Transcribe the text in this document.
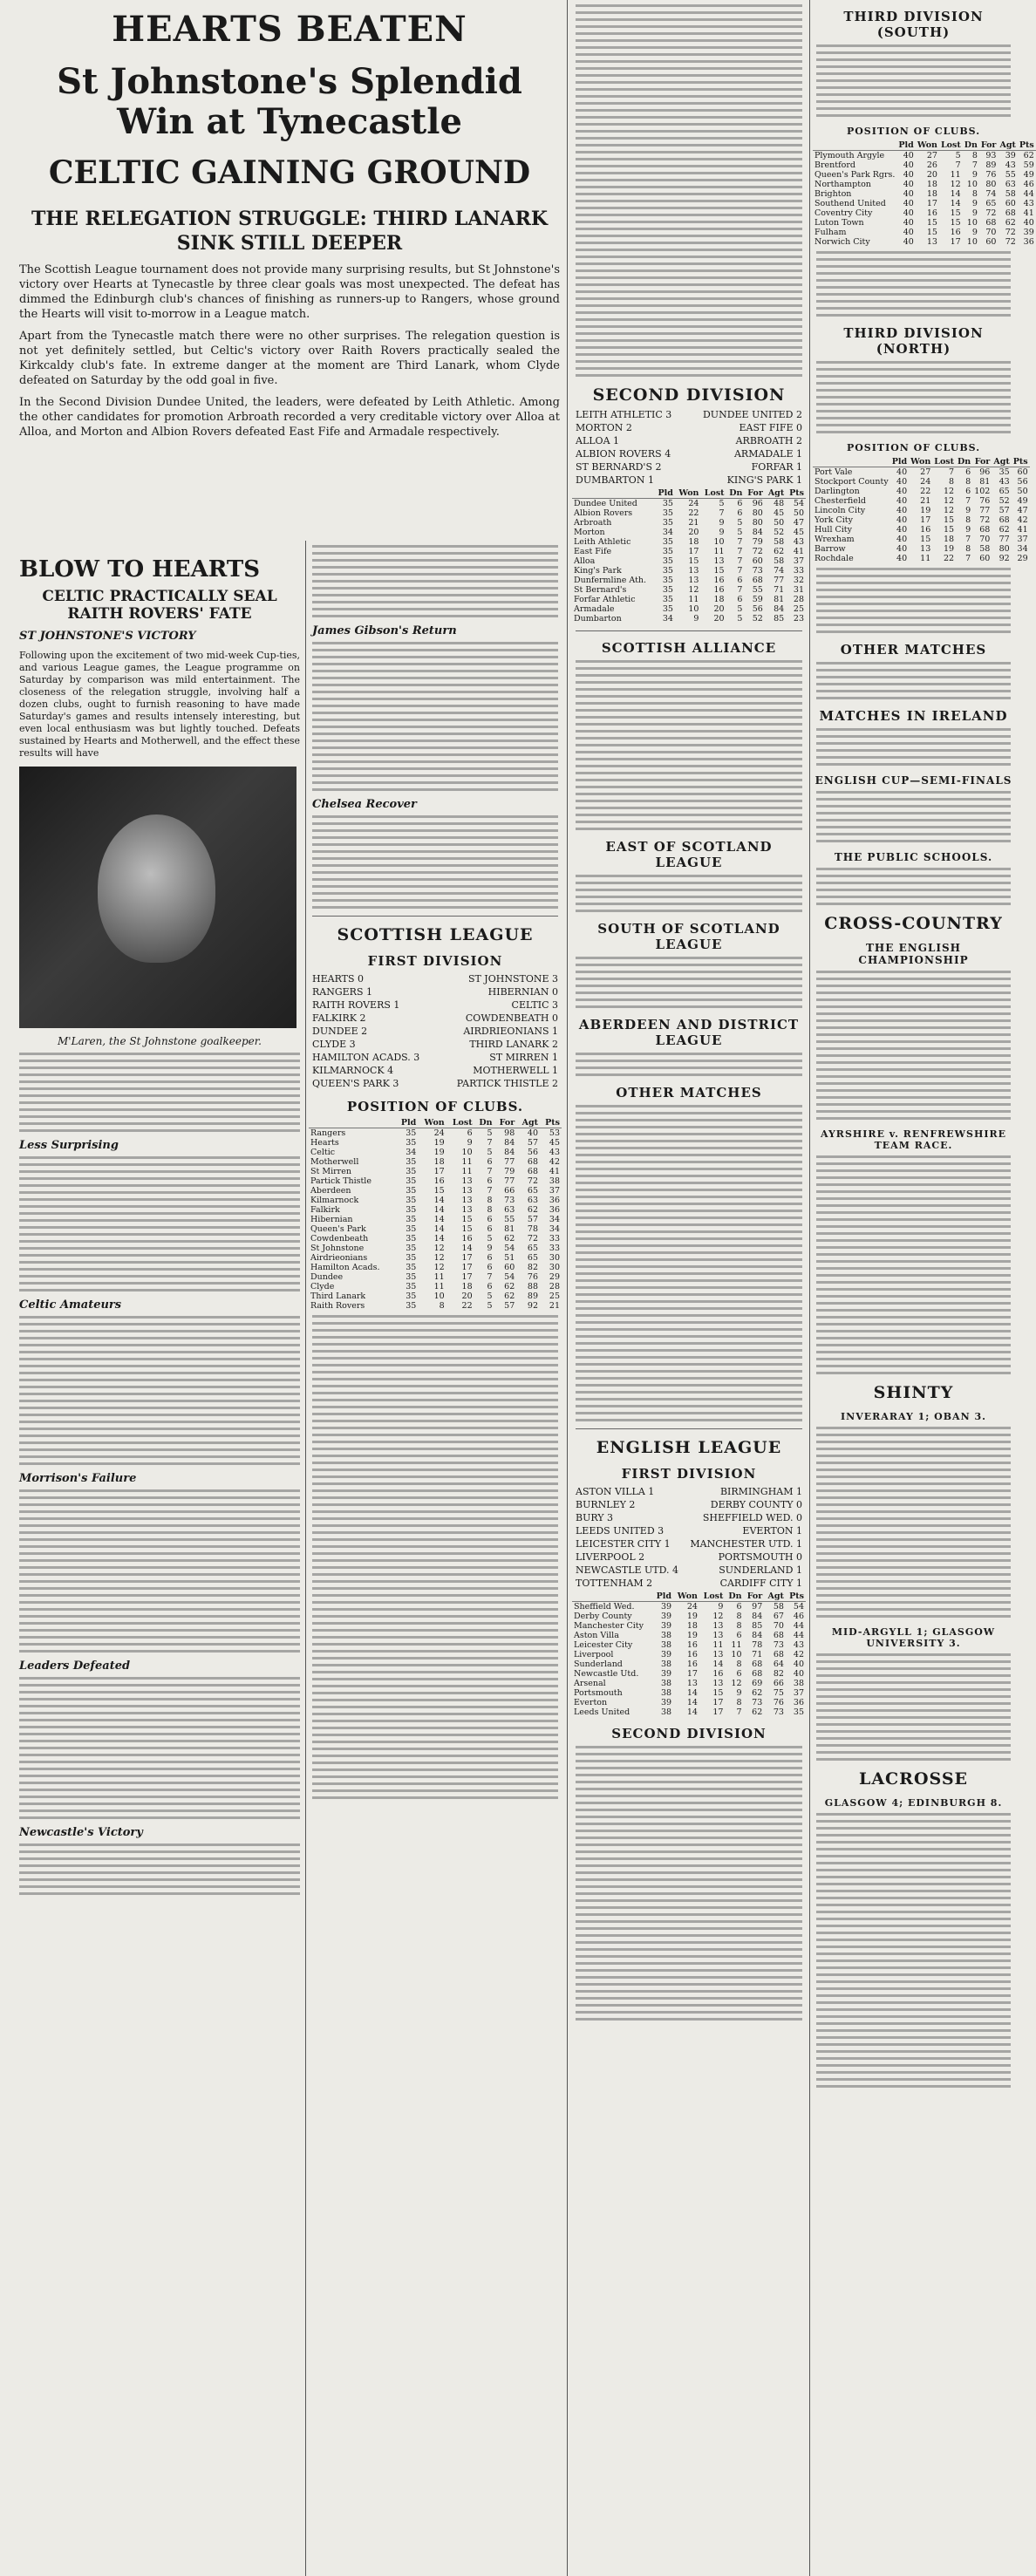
HEARTS BEATEN
St Johnstone's Splendid Win at Tynecastle
CELTIC GAINING GROUND
THE RELEGATION STRUGGLE: THIRD LANARK SINK STILL DEEPER

The Scottish League tournament does not provide many surprising results, but St Johnstone's victory over Hearts at Tynecastle by three clear goals was most unexpected. The defeat has dimmed the Edinburgh club's chances of finishing as runners-up to Rangers, whose ground the Hearts will visit to-morrow in a League match.

Apart from the Tynecastle match there were no other surprises. The relegation question is not yet definitely settled, but Celtic's victory over Raith Rovers practically sealed the Kirkcaldy club's fate. In extreme danger at the moment are Third Lanark, whom Clyde defeated on Saturday by the odd goal in five.

In the Second Division Dundee United, the leaders, were defeated by Leith Athletic. Among the other candidates for promotion Arbroath recorded a very creditable victory over Alloa at Alloa, and Morton and Albion Rovers defeated East Fife and Armadale respectively.

BLOW TO HEARTS
CELTIC PRACTICALLY SEAL RAITH ROVERS' FATE
ST JOHNSTONE'S VICTORY

Following upon the excitement of two mid-week Cup-ties, and various League games, the League programme on Saturday by comparison was mild entertainment. The closeness of the relegation struggle, involving half a dozen clubs, ought to furnish reasoning to have made Saturday's games and results intensely interesting, but even local enthusiasm was but lightly touched. Defeats sustained by Hearts and Motherwell, and the effect these results will have

M'Laren, the St Johnstone goalkeeper.
Less Surprising
Celtic Amateurs
Morrison's Failure
Leaders Defeated
Newcastle's Victory
James Gibson's Return
Chelsea Recover
SCOTTISH LEAGUE
FIRST DIVISION
HEARTS 0	ST JOHNSTONE 3
RANGERS 1	HIBERNIAN 0
RAITH ROVERS 1	CELTIC 3
FALKIRK 2	COWDENBEATH 0
DUNDEE 2	AIRDRIEONIANS 1
CLYDE 3	THIRD LANARK 2
HAMILTON ACADS. 3	ST MIRREN 1
KILMARNOCK 4	MOTHERWELL 1
QUEEN'S PARK 3	PARTICK THISTLE 2
POSITION OF CLUBS.
	Pld	Won	Lost	Dn	For	Agt	Pts
Rangers	35	24	6	5	98	40	53
Hearts	35	19	9	7	84	57	45
Celtic	34	19	10	5	84	56	43
Motherwell	35	18	11	6	77	68	42
St Mirren	35	17	11	7	79	68	41
Partick Thistle	35	16	13	6	77	72	38
Aberdeen	35	15	13	7	66	65	37
Kilmarnock	35	14	13	8	73	63	36
Falkirk	35	14	13	8	63	62	36
Hibernian	35	14	15	6	55	57	34
Queen's Park	35	14	15	6	81	78	34
Cowdenbeath	35	14	16	5	62	72	33
St Johnstone	35	12	14	9	54	65	33
Airdrieonians	35	12	17	6	51	65	30
Hamilton Acads.	35	12	17	6	60	82	30
Dundee	35	11	17	7	54	76	29
Clyde	35	11	18	6	62	88	28
Third Lanark	35	10	20	5	62	89	25
Raith Rovers	35	8	22	5	57	92	21
SECOND DIVISION
LEITH ATHLETIC 3	DUNDEE UNITED 2
MORTON 2	EAST FIFE 0
ALLOA 1	ARBROATH 2
ALBION ROVERS 4	ARMADALE 1
ST BERNARD'S 2	FORFAR 1
DUMBARTON 1	KING'S PARK 1
	Pld	Won	Lost	Dn	For	Agt	Pts
Dundee United	35	24	5	6	96	48	54
Albion Rovers	35	22	7	6	80	45	50
Arbroath	35	21	9	5	80	50	47
Morton	34	20	9	5	84	52	45
Leith Athletic	35	18	10	7	79	58	43
East Fife	35	17	11	7	72	62	41
Alloa	35	15	13	7	60	58	37
King's Park	35	13	15	7	73	74	33
Dunfermline Ath.	35	13	16	6	68	77	32
St Bernard's	35	12	16	7	55	71	31
Forfar Athletic	35	11	18	6	59	81	28
Armadale	35	10	20	5	56	84	25
Dumbarton	34	9	20	5	52	85	23
SCOTTISH ALLIANCE
EAST OF SCOTLAND LEAGUE
SOUTH OF SCOTLAND LEAGUE
ABERDEEN AND DISTRICT LEAGUE
OTHER MATCHES
ENGLISH LEAGUE
FIRST DIVISION
ASTON VILLA 1	BIRMINGHAM 1
BURNLEY 2	DERBY COUNTY 0
BURY 3	SHEFFIELD WED. 0
LEEDS UNITED 3	EVERTON 1
LEICESTER CITY 1 MANCHESTER UTD. 1
LIVERPOOL 2	PORTSMOUTH 0
NEWCASTLE UTD. 4	SUNDERLAND 1
TOTTENHAM 2	CARDIFF CITY 1
	Pld	Won	Lost	Dn	For	Agt	Pts
Sheffield Wed.	39	24	9	6	97	58	54
Derby County	39	19	12	8	84	67	46
Manchester City	39	18	13	8	85	70	44
Aston Villa	38	19	13	6	84	68	44
Leicester City	38	16	11	11	78	73	43
Liverpool	39	16	13	10	71	68	42
Sunderland	38	16	14	8	68	64	40
Newcastle Utd.	39	17	16	6	68	82	40
Arsenal	38	13	13	12	69	66	38
Portsmouth	38	14	15	9	62	75	37
Everton	39	14	17	8	73	76	36
Leeds United	38	14	17	7	62	73	35
SECOND DIVISION
THIRD DIVISION (SOUTH)
POSITION OF CLUBS.
	Pld	Won	Lost	Dn	For	Agt	Pts
Plymouth Argyle	40	27	5	8	93	39	62
Brentford	40	26	7	7	89	43	59
Queen's Park Rgrs.	40	20	11	9	76	55	49
Northampton	40	18	12	10	80	63	46
Brighton	40	18	14	8	74	58	44
Southend United	40	17	14	9	65	60	43
Coventry City	40	16	15	9	72	68	41
Luton Town	40	15	15	10	68	62	40
Fulham	40	15	16	9	70	72	39
Norwich City	40	13	17	10	60	72	36
THIRD DIVISION (NORTH)
POSITION OF CLUBS.
	Pld	Won	Lost	Dn	For	Agt	Pts
Port Vale	40	27	7	6	96	35	60
Stockport County	40	24	8	8	81	43	56
Darlington	40	22	12	6	102	65	50
Chesterfield	40	21	12	7	76	52	49
Lincoln City	40	19	12	9	77	57	47
York City	40	17	15	8	72	68	42
Hull City	40	16	15	9	68	62	41
Wrexham	40	15	18	7	70	77	37
Barrow	40	13	19	8	58	80	34
Rochdale	40	11	22	7	60	92	29
OTHER MATCHES
MATCHES IN IRELAND
ENGLISH CUP—SEMI-FINALS
THE PUBLIC SCHOOLS.
CROSS-COUNTRY
THE ENGLISH CHAMPIONSHIP
AYRSHIRE v. RENFREWSHIRE TEAM RACE.
SHINTY
INVERARAY 1; OBAN 3.
MID-ARGYLL 1; GLASGOW UNIVERSITY 3.
LACROSSE
GLASGOW 4; EDINBURGH 8.
